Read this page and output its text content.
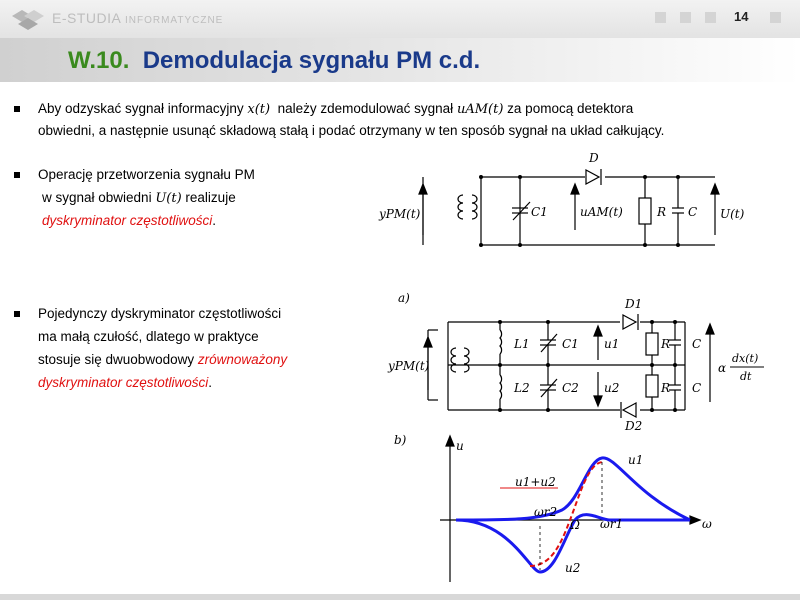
E-STUDIA INFORMATYCZNE	14
W.10. Demodulacja sygnału PM c.d.
Aby odzyskać sygnał informacyjny x(t) należy zdemodulować sygnał uAM(t) za pomocą detektora
obwiedni, a następnie usunąć składową stałą i podać otrzymany w ten sposób sygnał na układ całkujący.
Operację przetworzenia sygnału PM
w sygnał obwiedni U(t) realizuje
dyskryminator częstotliwości.
Pojedynczy dyskryminator częstotliwości
ma małą czułość, dlatego w praktyce
stosuje się dwuobwodowy zrównoważony
dyskryminator częstotliwości.
yPM(t)	C1
D
uAM(t)	R C U(t)
a)
yPM(t)
L1
L2
C1
C2
u1
u2
D1
D2
R C
R C
α
dx(t)
dt
b)	u
ω
u1
u2
u1+u2
ωr2
Ω ωr1
